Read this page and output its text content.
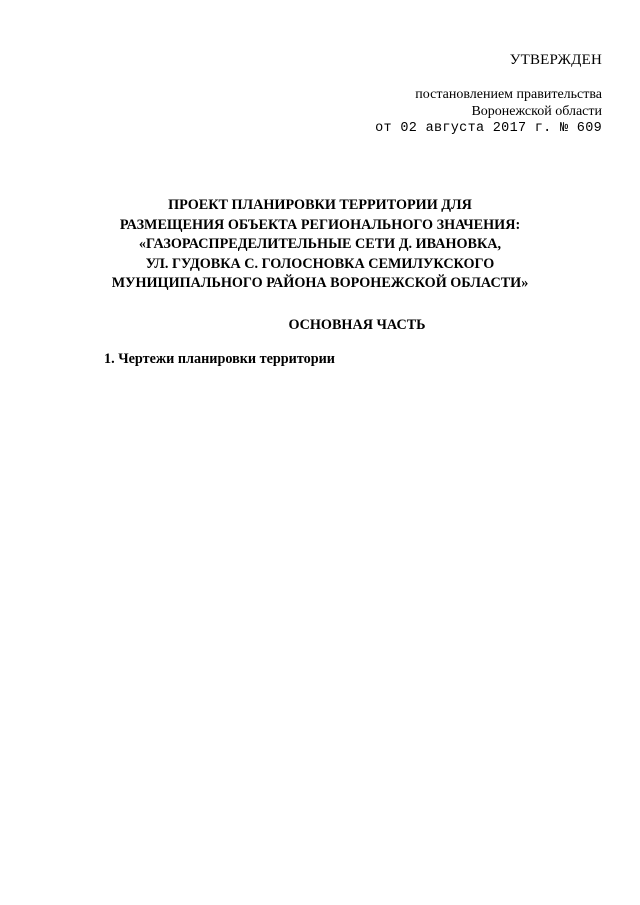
УТВЕРЖДЕН
постановлением правительства
Воронежской области
от 02 августа 2017 г. № 609
ПРОЕКТ ПЛАНИРОВКИ ТЕРРИТОРИИ ДЛЯ
РАЗМЕЩЕНИЯ ОБЪЕКТА РЕГИОНАЛЬНОГО ЗНАЧЕНИЯ:
«ГАЗОРАСПРЕДЕЛИТЕЛЬНЫЕ СЕТИ Д. ИВАНОВКА,
УЛ. ГУДОВКА С. ГОЛОСНОВКА СЕМИЛУКСКОГО
МУНИЦИПАЛЬНОГО РАЙОНА ВОРОНЕЖСКОЙ ОБЛАСТИ»
ОСНОВНАЯ ЧАСТЬ
1. Чертежи планировки территории
